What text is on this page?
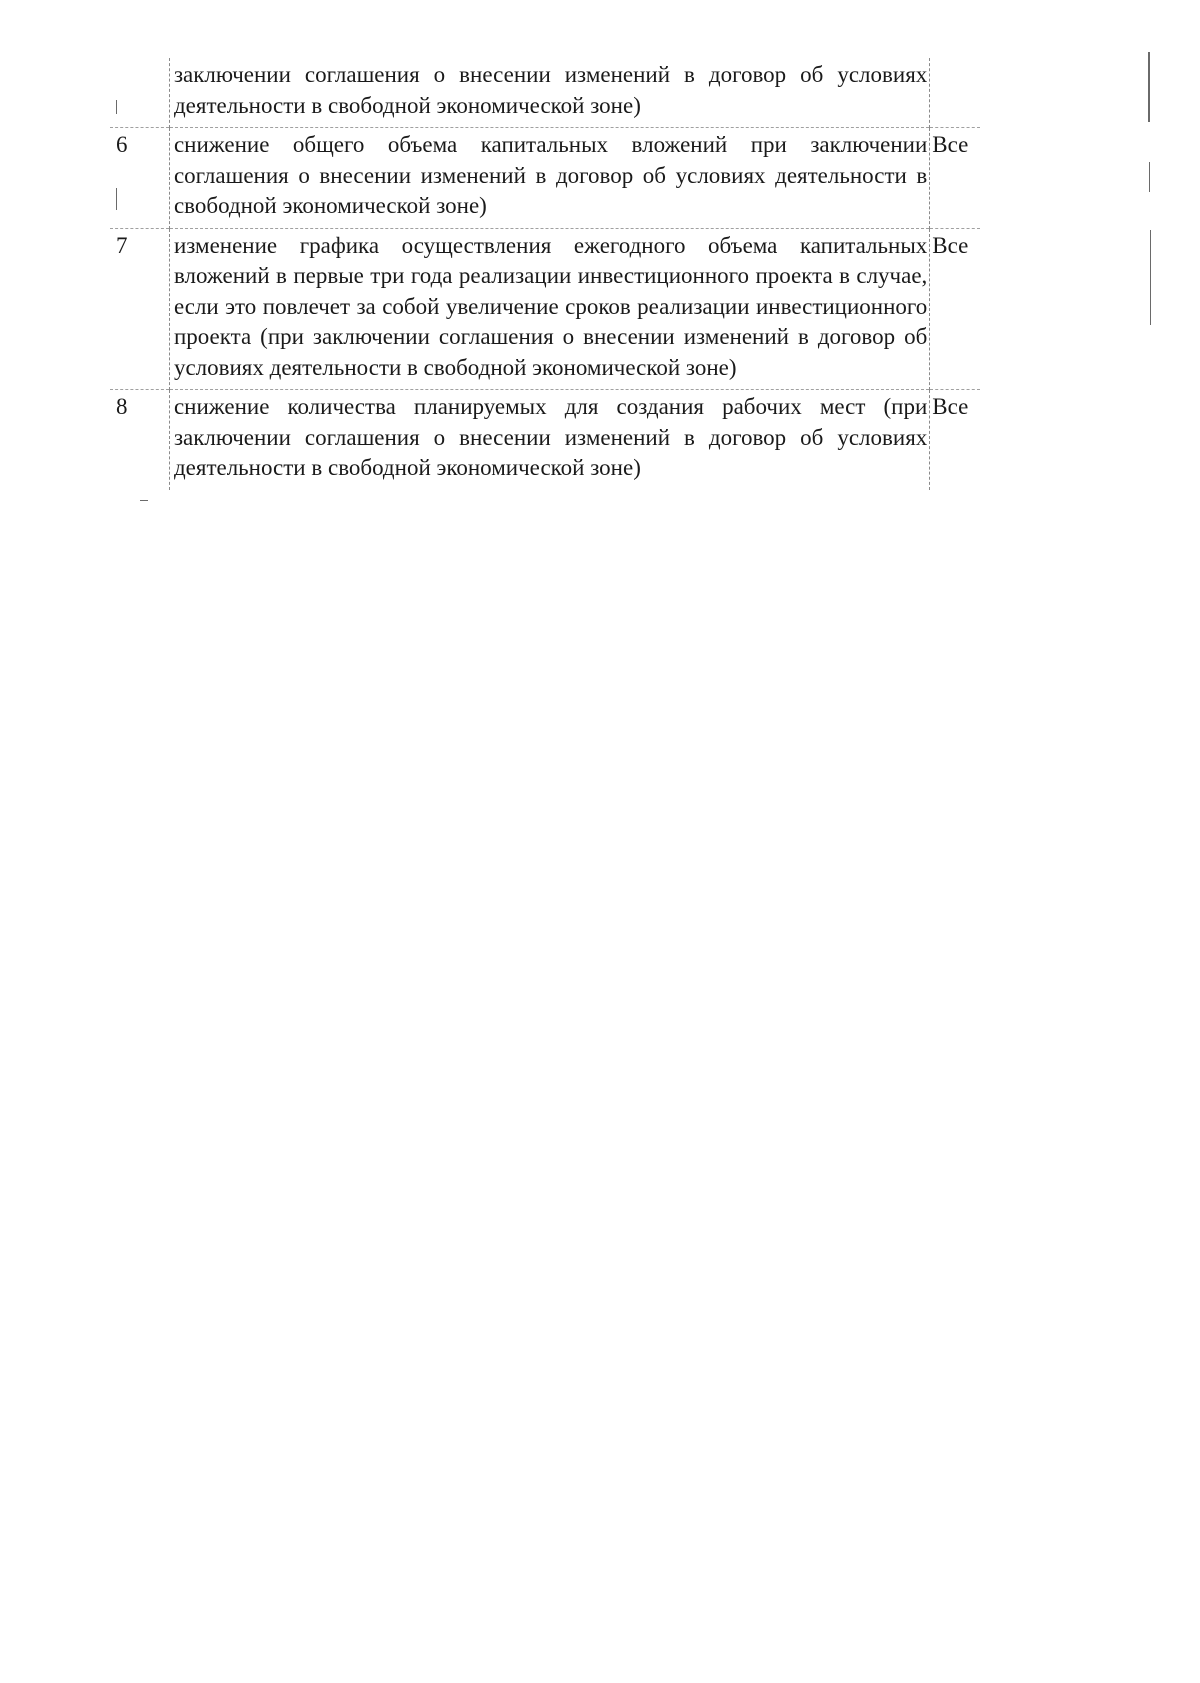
	заключении соглашения о внесении изменений в договор об условиях деятельности в свободной экономической зоне)	
6	снижение общего объема капитальных вложений при заключении соглашения о внесении изменений в договор об условиях деятельности в свободной экономической зоне)	Все
7	изменение графика осуществления ежегодного объема капитальных вложений в первые три года реализации инвестиционного проекта в случае, если это повлечет за собой увеличение сроков реализации инвестиционного проекта (при заключении соглашения о внесении изменений в договор об условиях деятельности в свободной экономической зоне)	Все
8	снижение количества планируемых для создания рабочих мест (при заключении соглашения о внесении изменений в договор об условиях деятельности в свободной экономической зоне)	Все
